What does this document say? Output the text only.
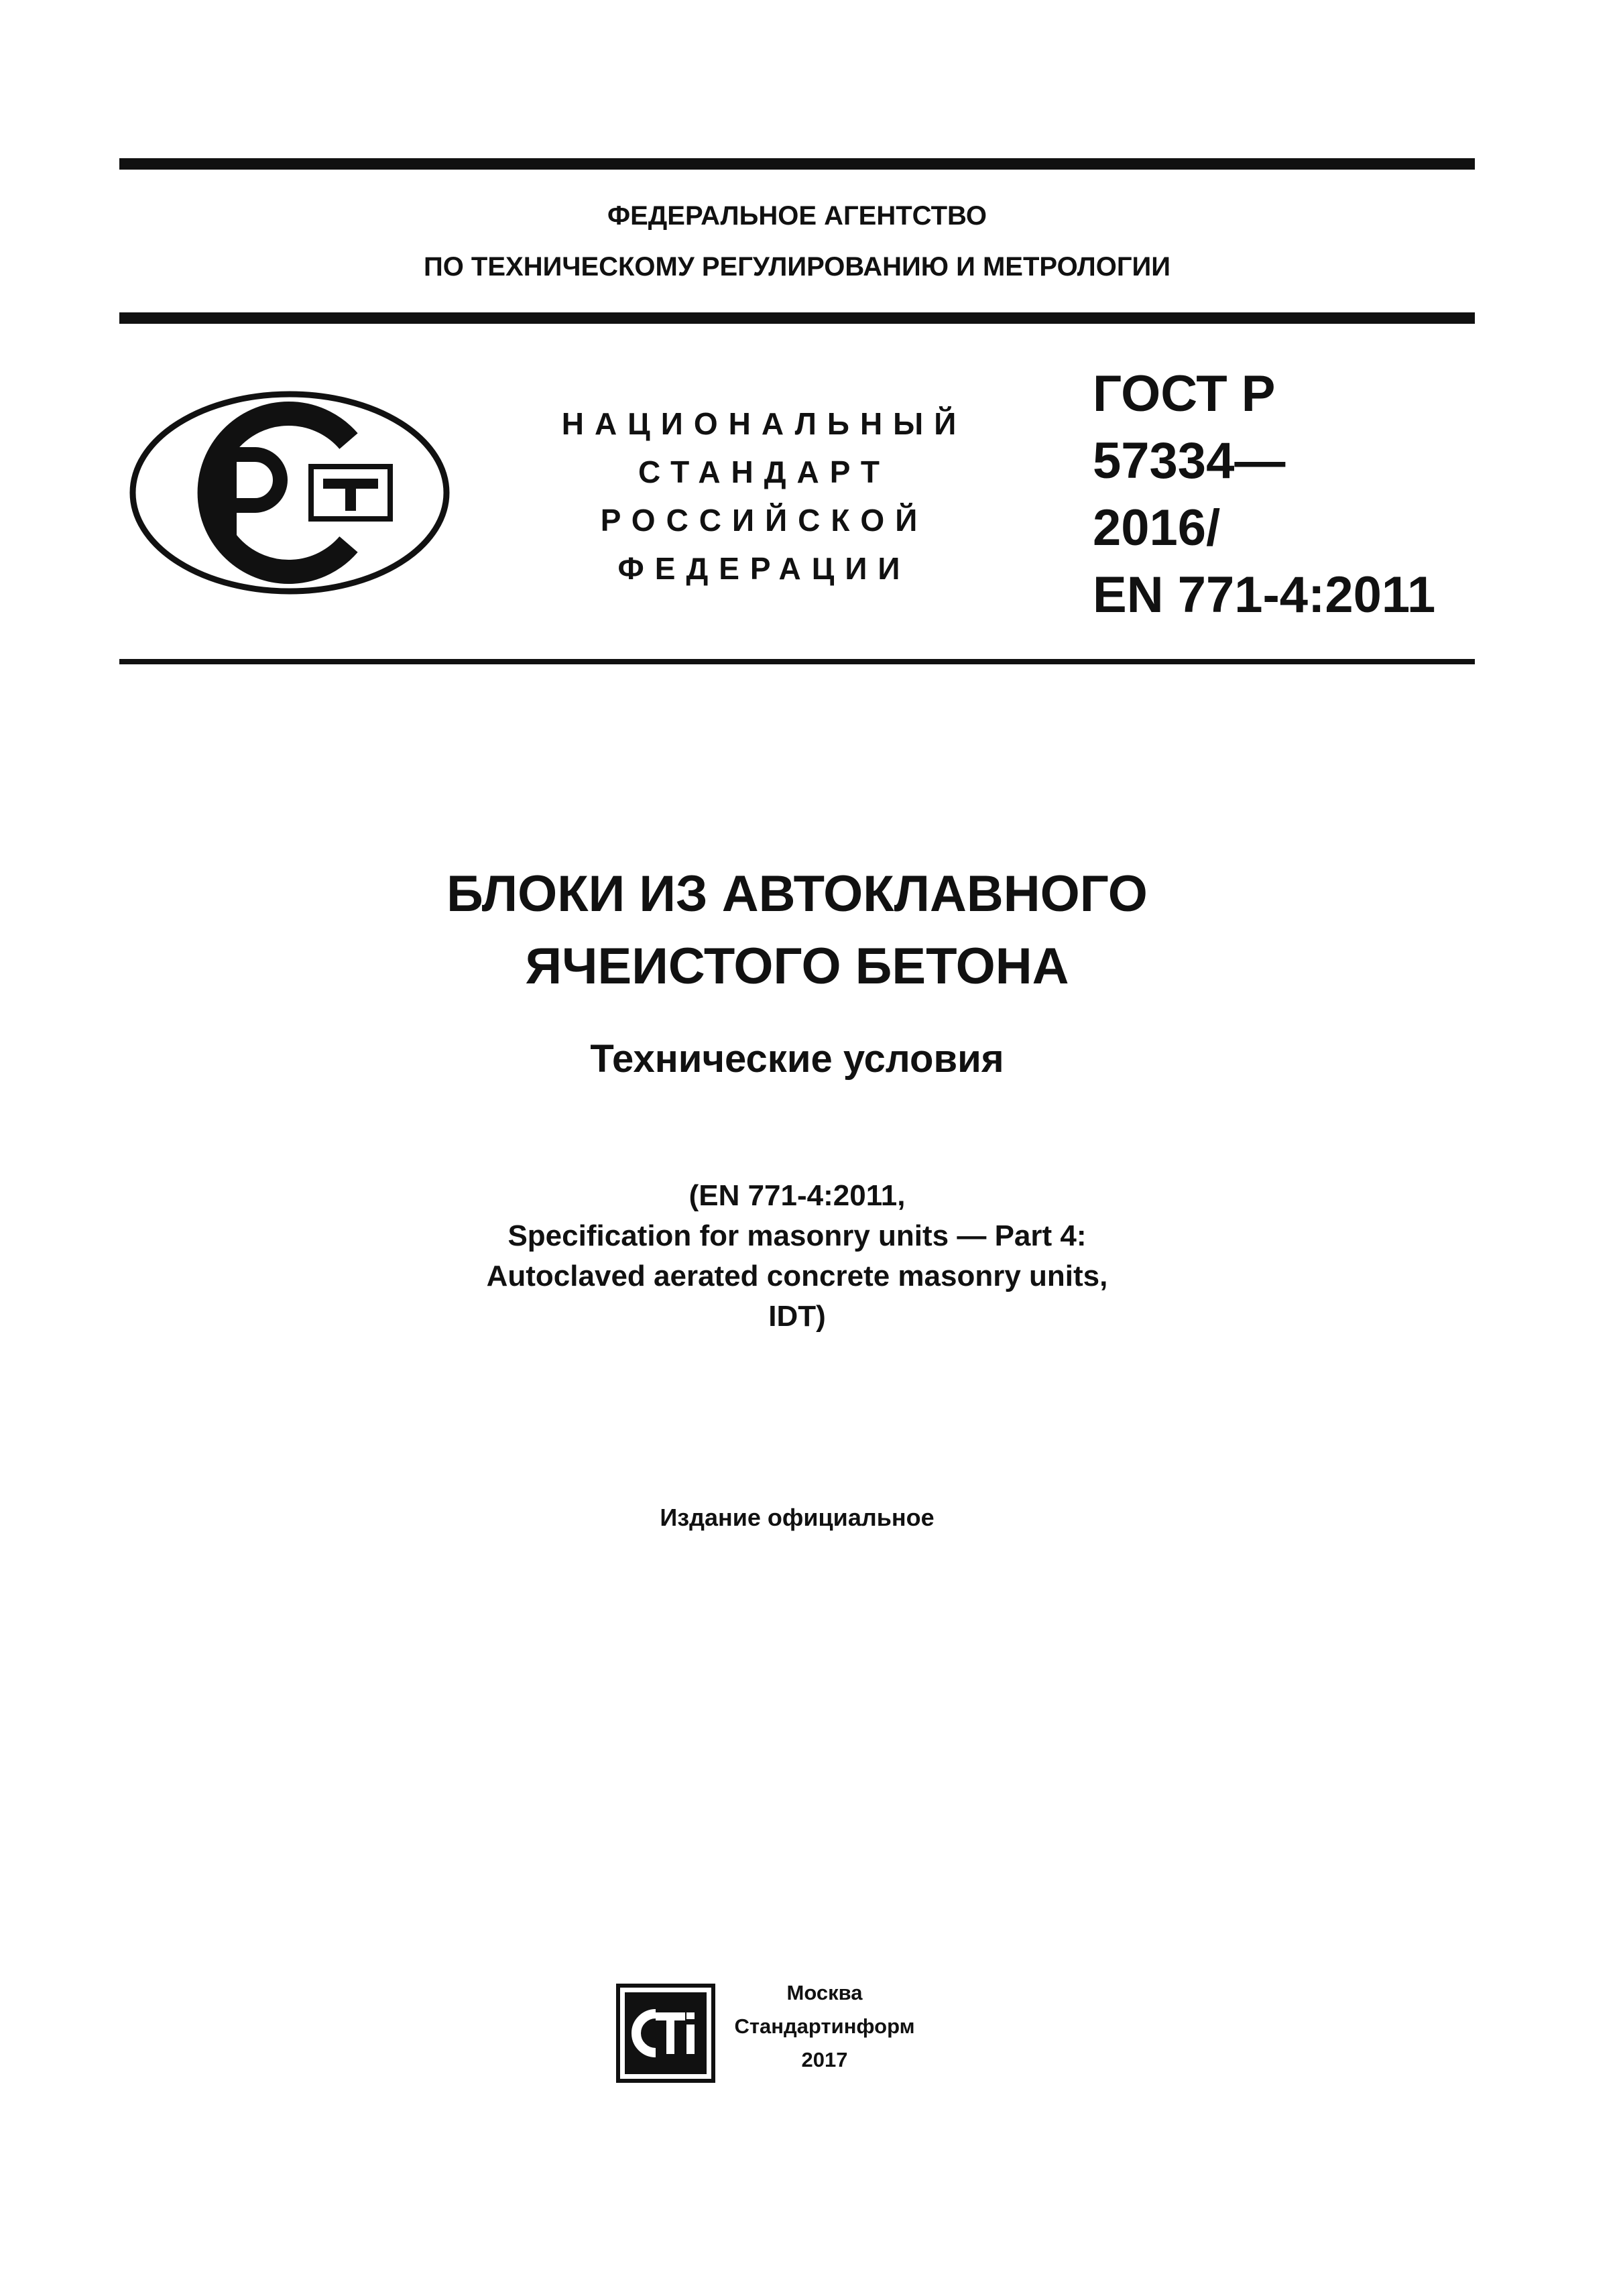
ФЕДЕРАЛЬНОЕ АГЕНТСТВО
ПО ТЕХНИЧЕСКОМУ РЕГУЛИРОВАНИЮ И МЕТРОЛОГИИ
НАЦИОНАЛЬНЫЙ
СТАНДАРТ
РОССИЙСКОЙ
ФЕДЕРАЦИИ
ГОСТ Р
57334—
2016/
EN 771-4:2011
БЛОКИ ИЗ АВТОКЛАВНОГО
ЯЧЕИСТОГО БЕТОНА
Технические условия
(EN 771-4:2011,
Specification for masonry units — Part 4:
Autoclaved aerated concrete masonry units,
IDT)
Издание официальное
Москва
Стандартинформ
2017
